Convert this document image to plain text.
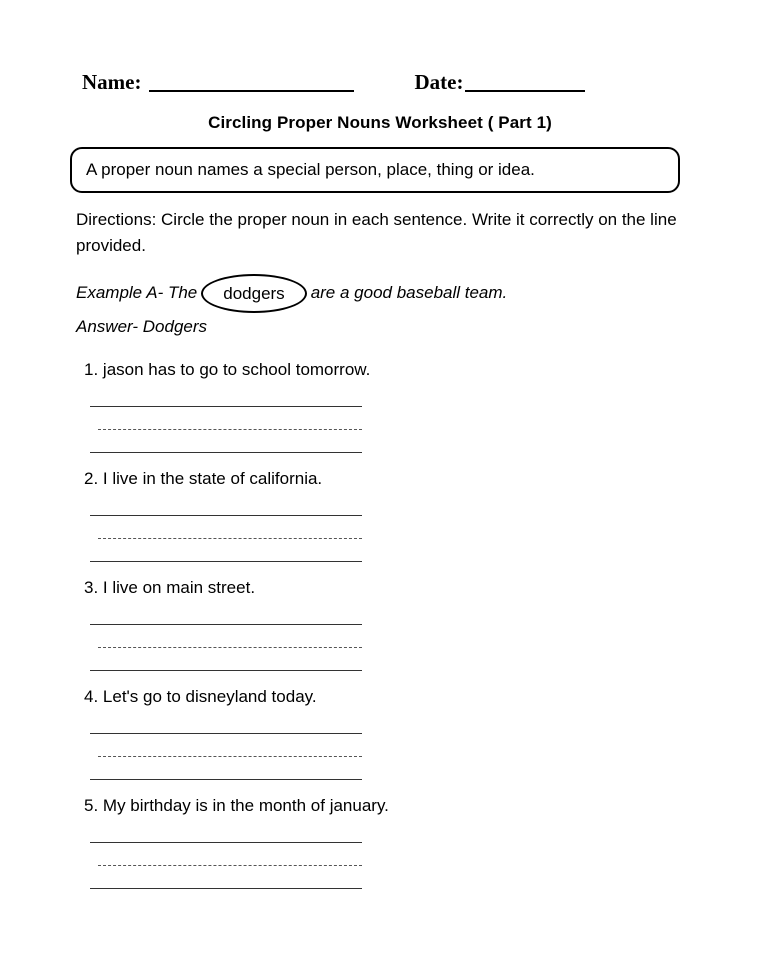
Name:	Date:
Circling Proper Nouns Worksheet ( Part 1)
A proper noun names a special person, place, thing or idea.
Directions: Circle the proper noun in each sentence. Write it correctly on the line provided.
Example A- The	dodgers	are a good baseball team.
Answer- Dodgers
1. jason has to go to school tomorrow.
2. I live in the state of california.
3. I live on main street.
4. Let's go to disneyland today.
5. My birthday is in the month of january.
